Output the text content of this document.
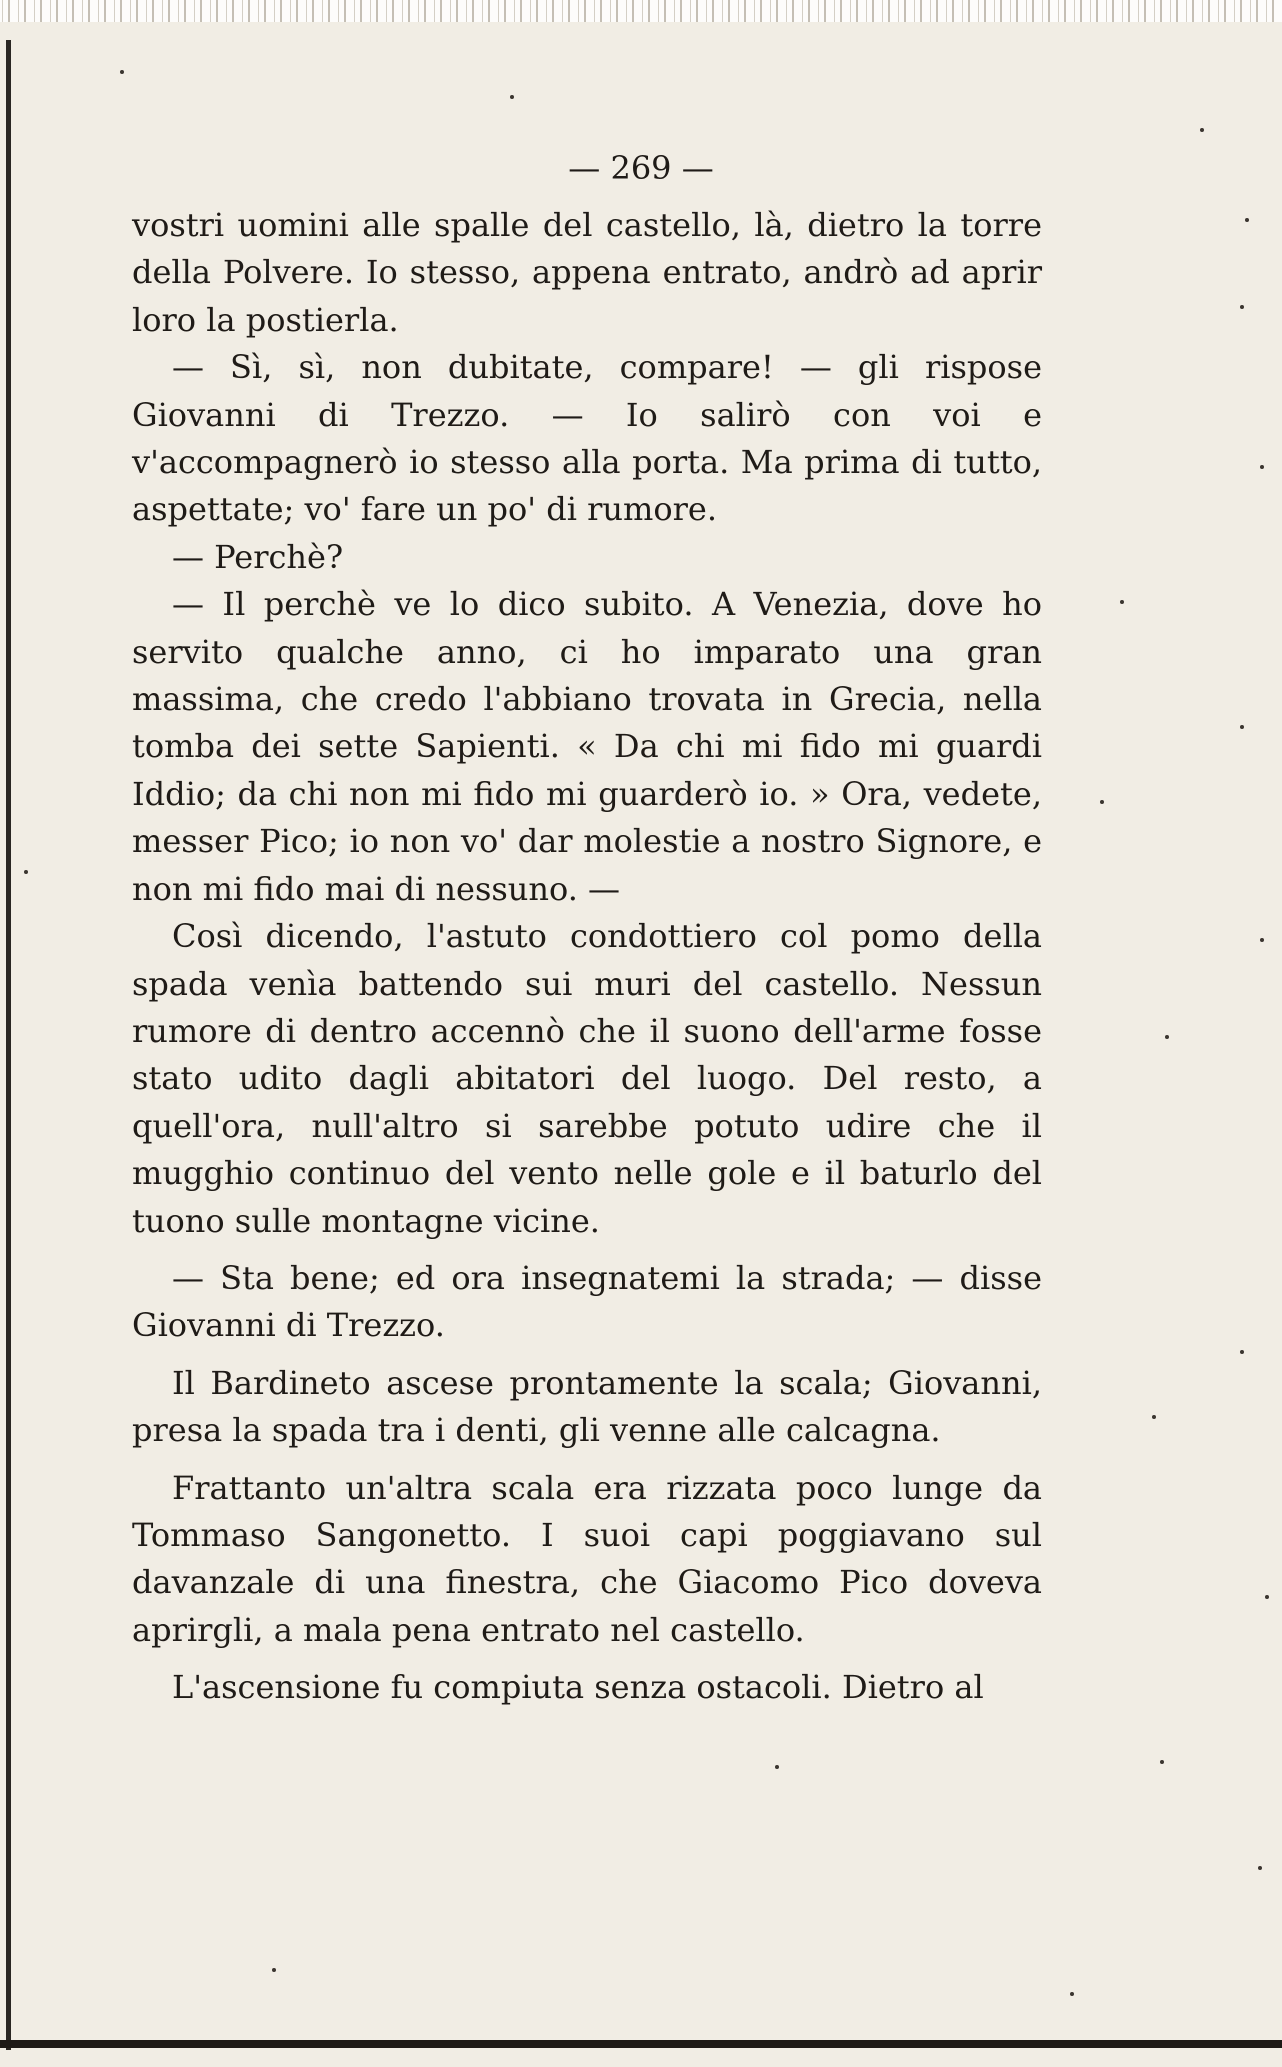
— 269 —

vostri uomini alle spalle del castello, là, dietro la torre della Polvere. Io stesso, appena entrato, andrò ad aprir loro la postierla.

— Sì, sì, non dubitate, compare! — gli rispose Giovanni di Trezzo. — Io salirò con voi e v'accompagnerò io stesso alla porta. Ma prima di tutto, aspettate; vo' fare un po' di rumore.

— Perchè?

— Il perchè ve lo dico subito. A Venezia, dove ho servito qualche anno, ci ho imparato una gran massima, che credo l'abbiano trovata in Grecia, nella tomba dei sette Sapienti. « Da chi mi fido mi guardi Iddio; da chi non mi fido mi guarderò io. » Ora, vedete, messer Pico; io non vo' dar molestie a nostro Signore, e non mi fido mai di nessuno. —

Così dicendo, l'astuto condottiero col pomo della spada venìa battendo sui muri del castello. Nessun rumore di dentro accennò che il suono dell'arme fosse stato udito dagli abitatori del luogo. Del resto, a quell'ora, null'altro si sarebbe potuto udire che il mugghio continuo del vento nelle gole e il baturlo del tuono sulle montagne vicine.

— Sta bene; ed ora insegnatemi la strada; — disse Giovanni di Trezzo.

Il Bardineto ascese prontamente la scala; Giovanni, presa la spada tra i denti, gli venne alle calcagna.

Frattanto un'altra scala era rizzata poco lunge da Tommaso Sangonetto. I suoi capi poggiavano sul davanzale di una finestra, che Giacomo Pico doveva aprirgli, a mala pena entrato nel castello.

L'ascensione fu compiuta senza ostacoli. Dietro al
